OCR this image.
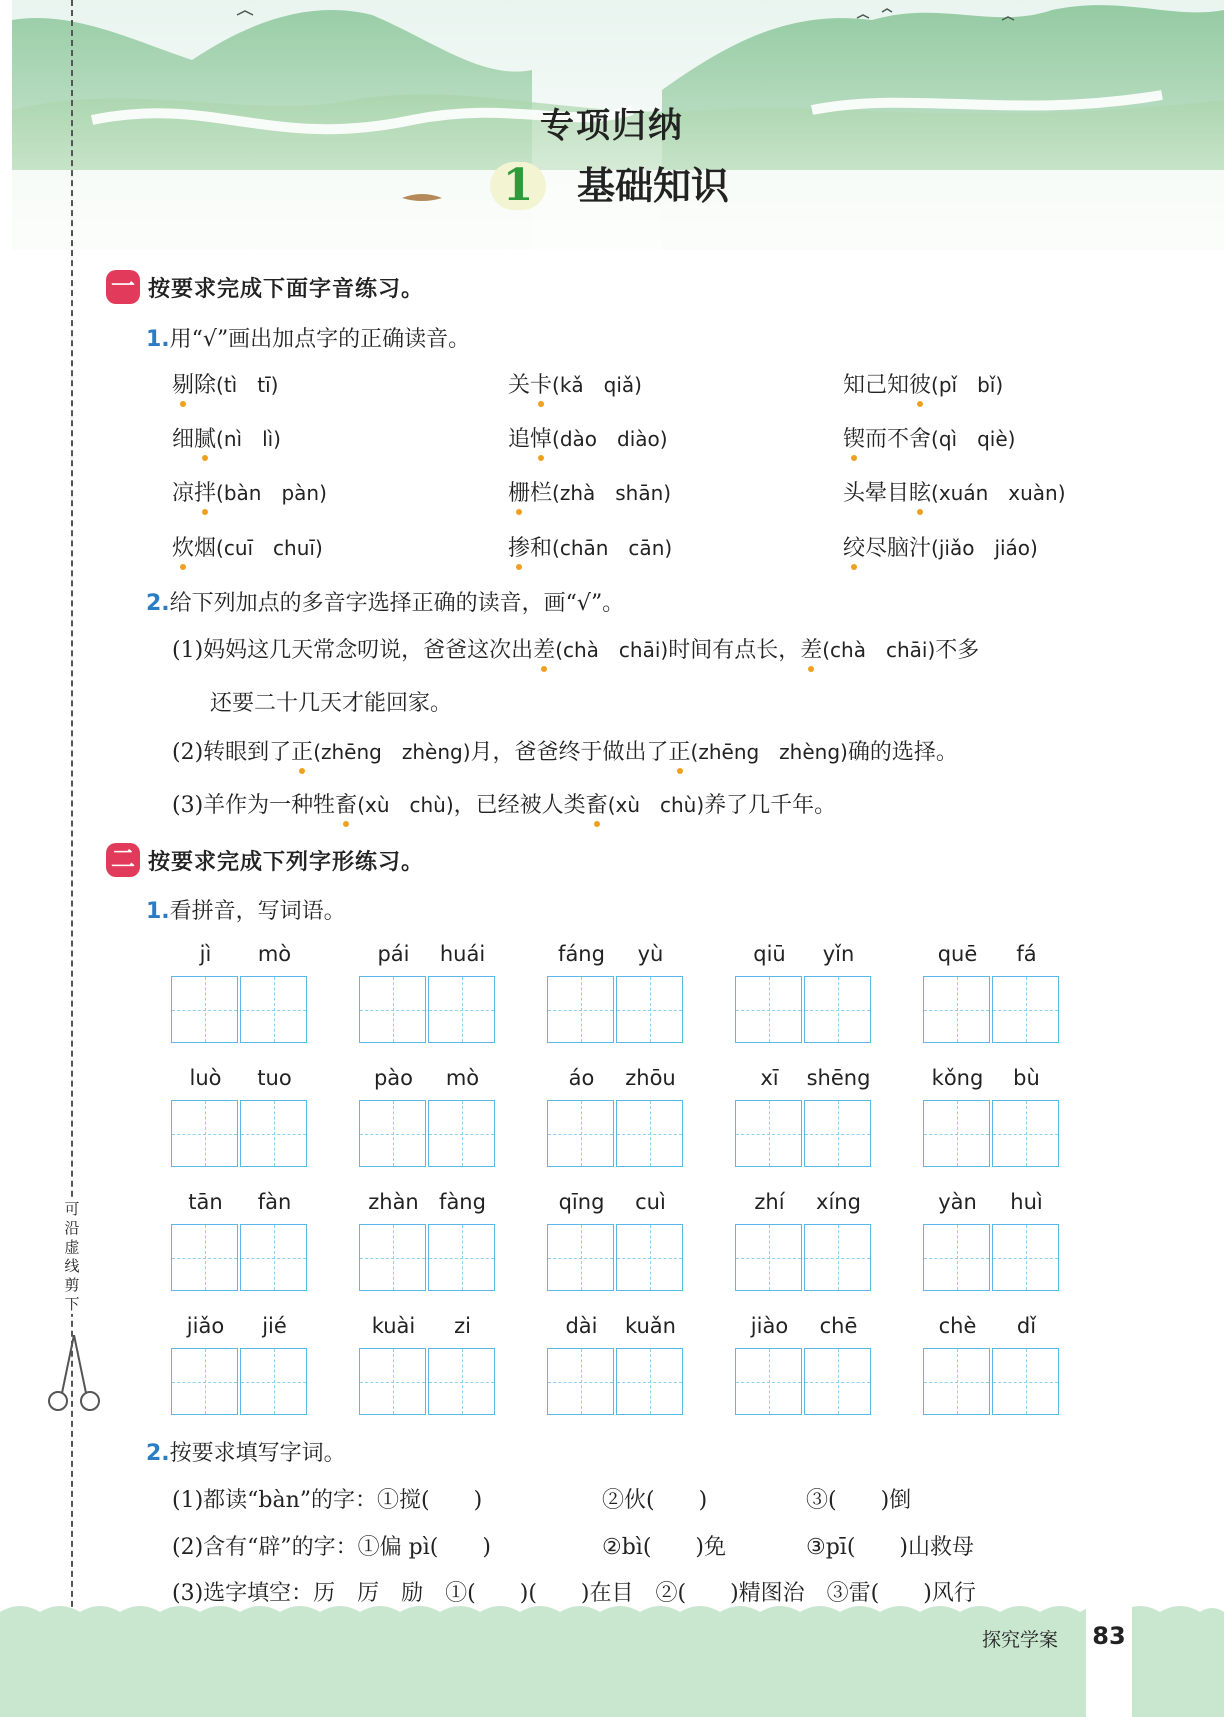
专项归纳
1	基础知识
可沿虚线剪下
一 按要求完成下面字音练习。
1.用“√”画出加点字的正确读音。
剔除(tì　tī)	关卡(kǎ　qiǎ)	知己知彼(pǐ　bǐ)
细腻(nì　lì)	追悼(dào　diào)	锲而不舍(qì　qiè)
凉拌(bàn　pàn)	栅栏(zhà　shān)	头晕目眩(xuán　xuàn)
炊烟(cuī　chuī)	掺和(chān　cān)	绞尽脑汁(jiǎo　jiáo)
2.给下列加点的多音字选择正确的读音，画“√”。
(1)妈妈这几天常念叨说，爸爸这次出差(chà　chāi)时间有点长，差(chà　chāi)不多
还要二十几天才能回家。
(2)转眼到了正(zhēng　zhèng)月，爸爸终于做出了正(zhēng　zhèng)确的选择。
(3)羊作为一种牲畜(xù　chù)，已经被人类畜(xù　chù)养了几千年。
二 按要求完成下列字形练习。
1.看拼音，写词语。
jì	mò	pái	huái	fáng	yù	qiū	yǐn	quē	fá
luò	tuo	pào	mò	áo	zhōu	xī	shēng	kǒng	bù
tān	fàn	zhàn fàng	qīng	cuì	zhí	xíng	yàn	huì
jiǎo	jié	kuài	zi	dài	kuǎn	jiào	chē	chè	dǐ
2.按要求填写字词。
(1)都读“bàn”的字：①搅(　　)	②伙(　　)	③(　　)倒
(2)含有“辟”的字：①偏 pì(　　)	②bì(　　)免	③pī(　　)山救母
(3)选字填空：历　厉　励　①(　　)(　　)在目　②(　　)精图治　③雷(　　)风行
探究学案 83
